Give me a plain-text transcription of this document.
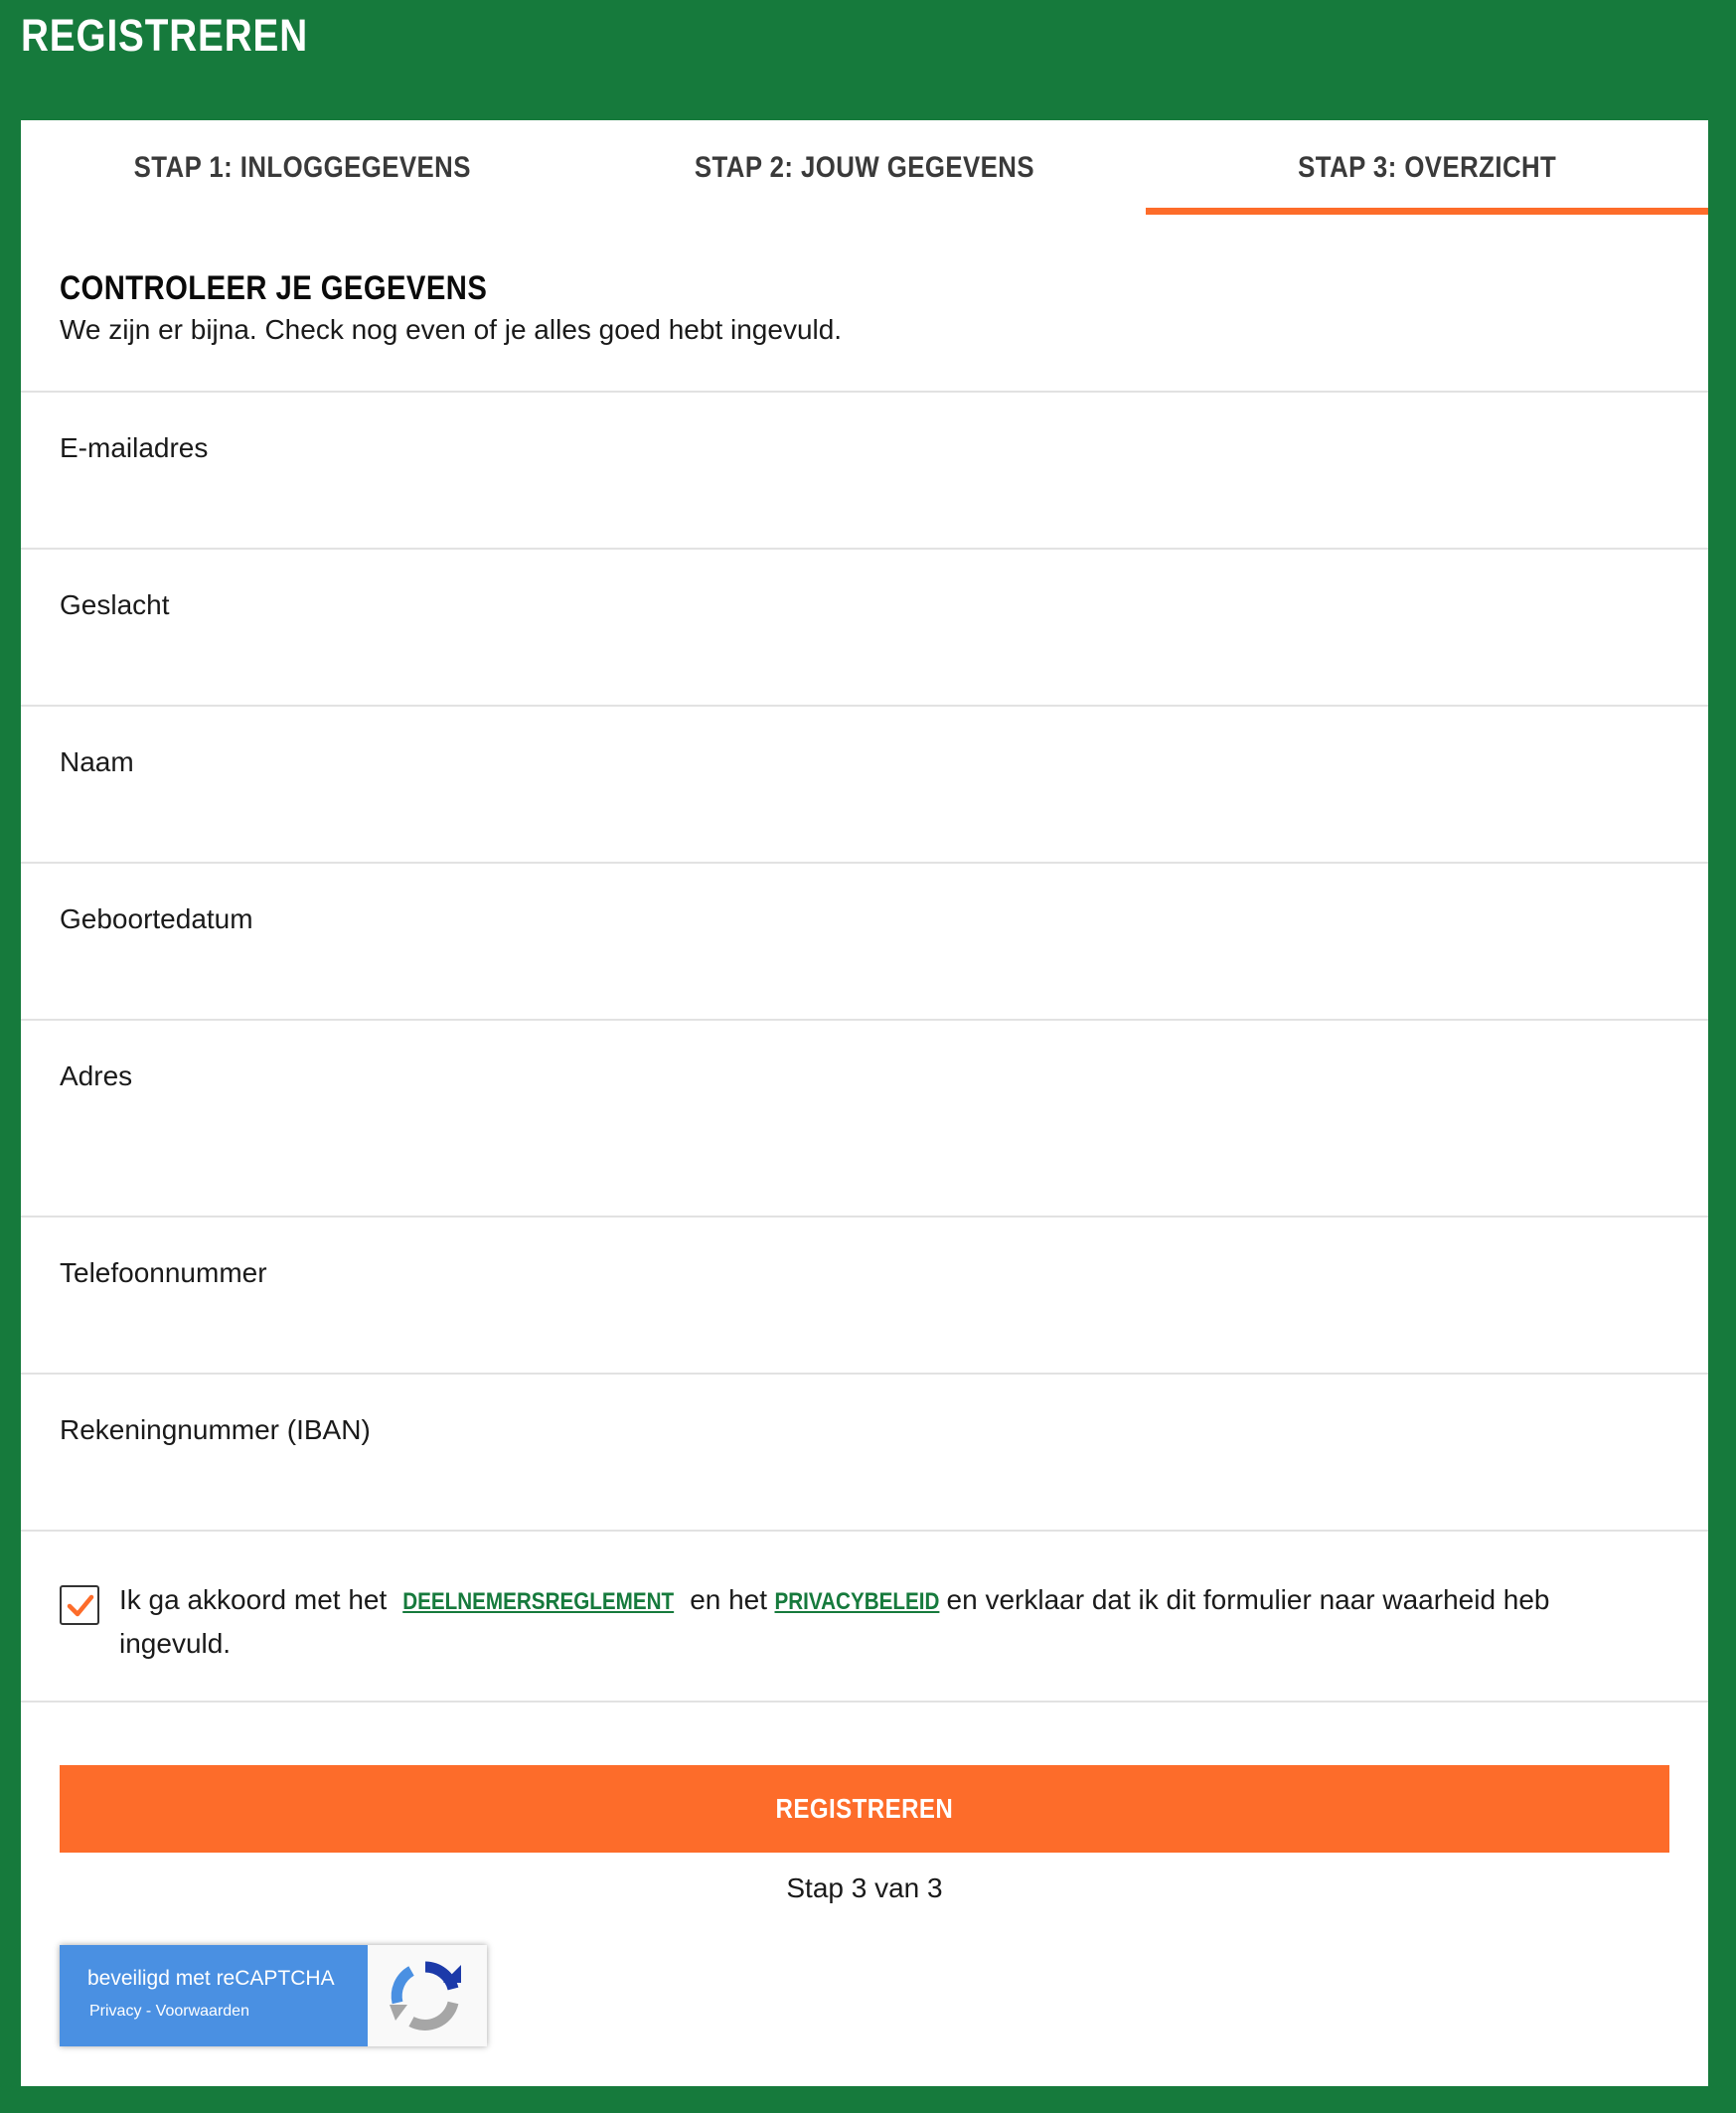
REGISTREREN
STAP 1: INLOGGEGEVENS	STAP 2: JOUW GEGEVENS	STAP 3: OVERZICHT
CONTROLEER JE GEGEVENS
We zijn er bijna. Check nog even of je alles goed hebt ingevuld.
E-mailadres
Geslacht
Naam
Geboortedatum
Adres
Telefoonnummer
Rekeningnummer (IBAN)
Ik ga akkoord met het DEELNEMERSREGLEMENT en het PRIVACYBELEID en verklaar dat ik dit formulier naar waarheid heb ingevuld.
REGISTREREN
Stap 3 van 3
beveiligd met reCAPTCHA
Privacy - Voorwaarden
